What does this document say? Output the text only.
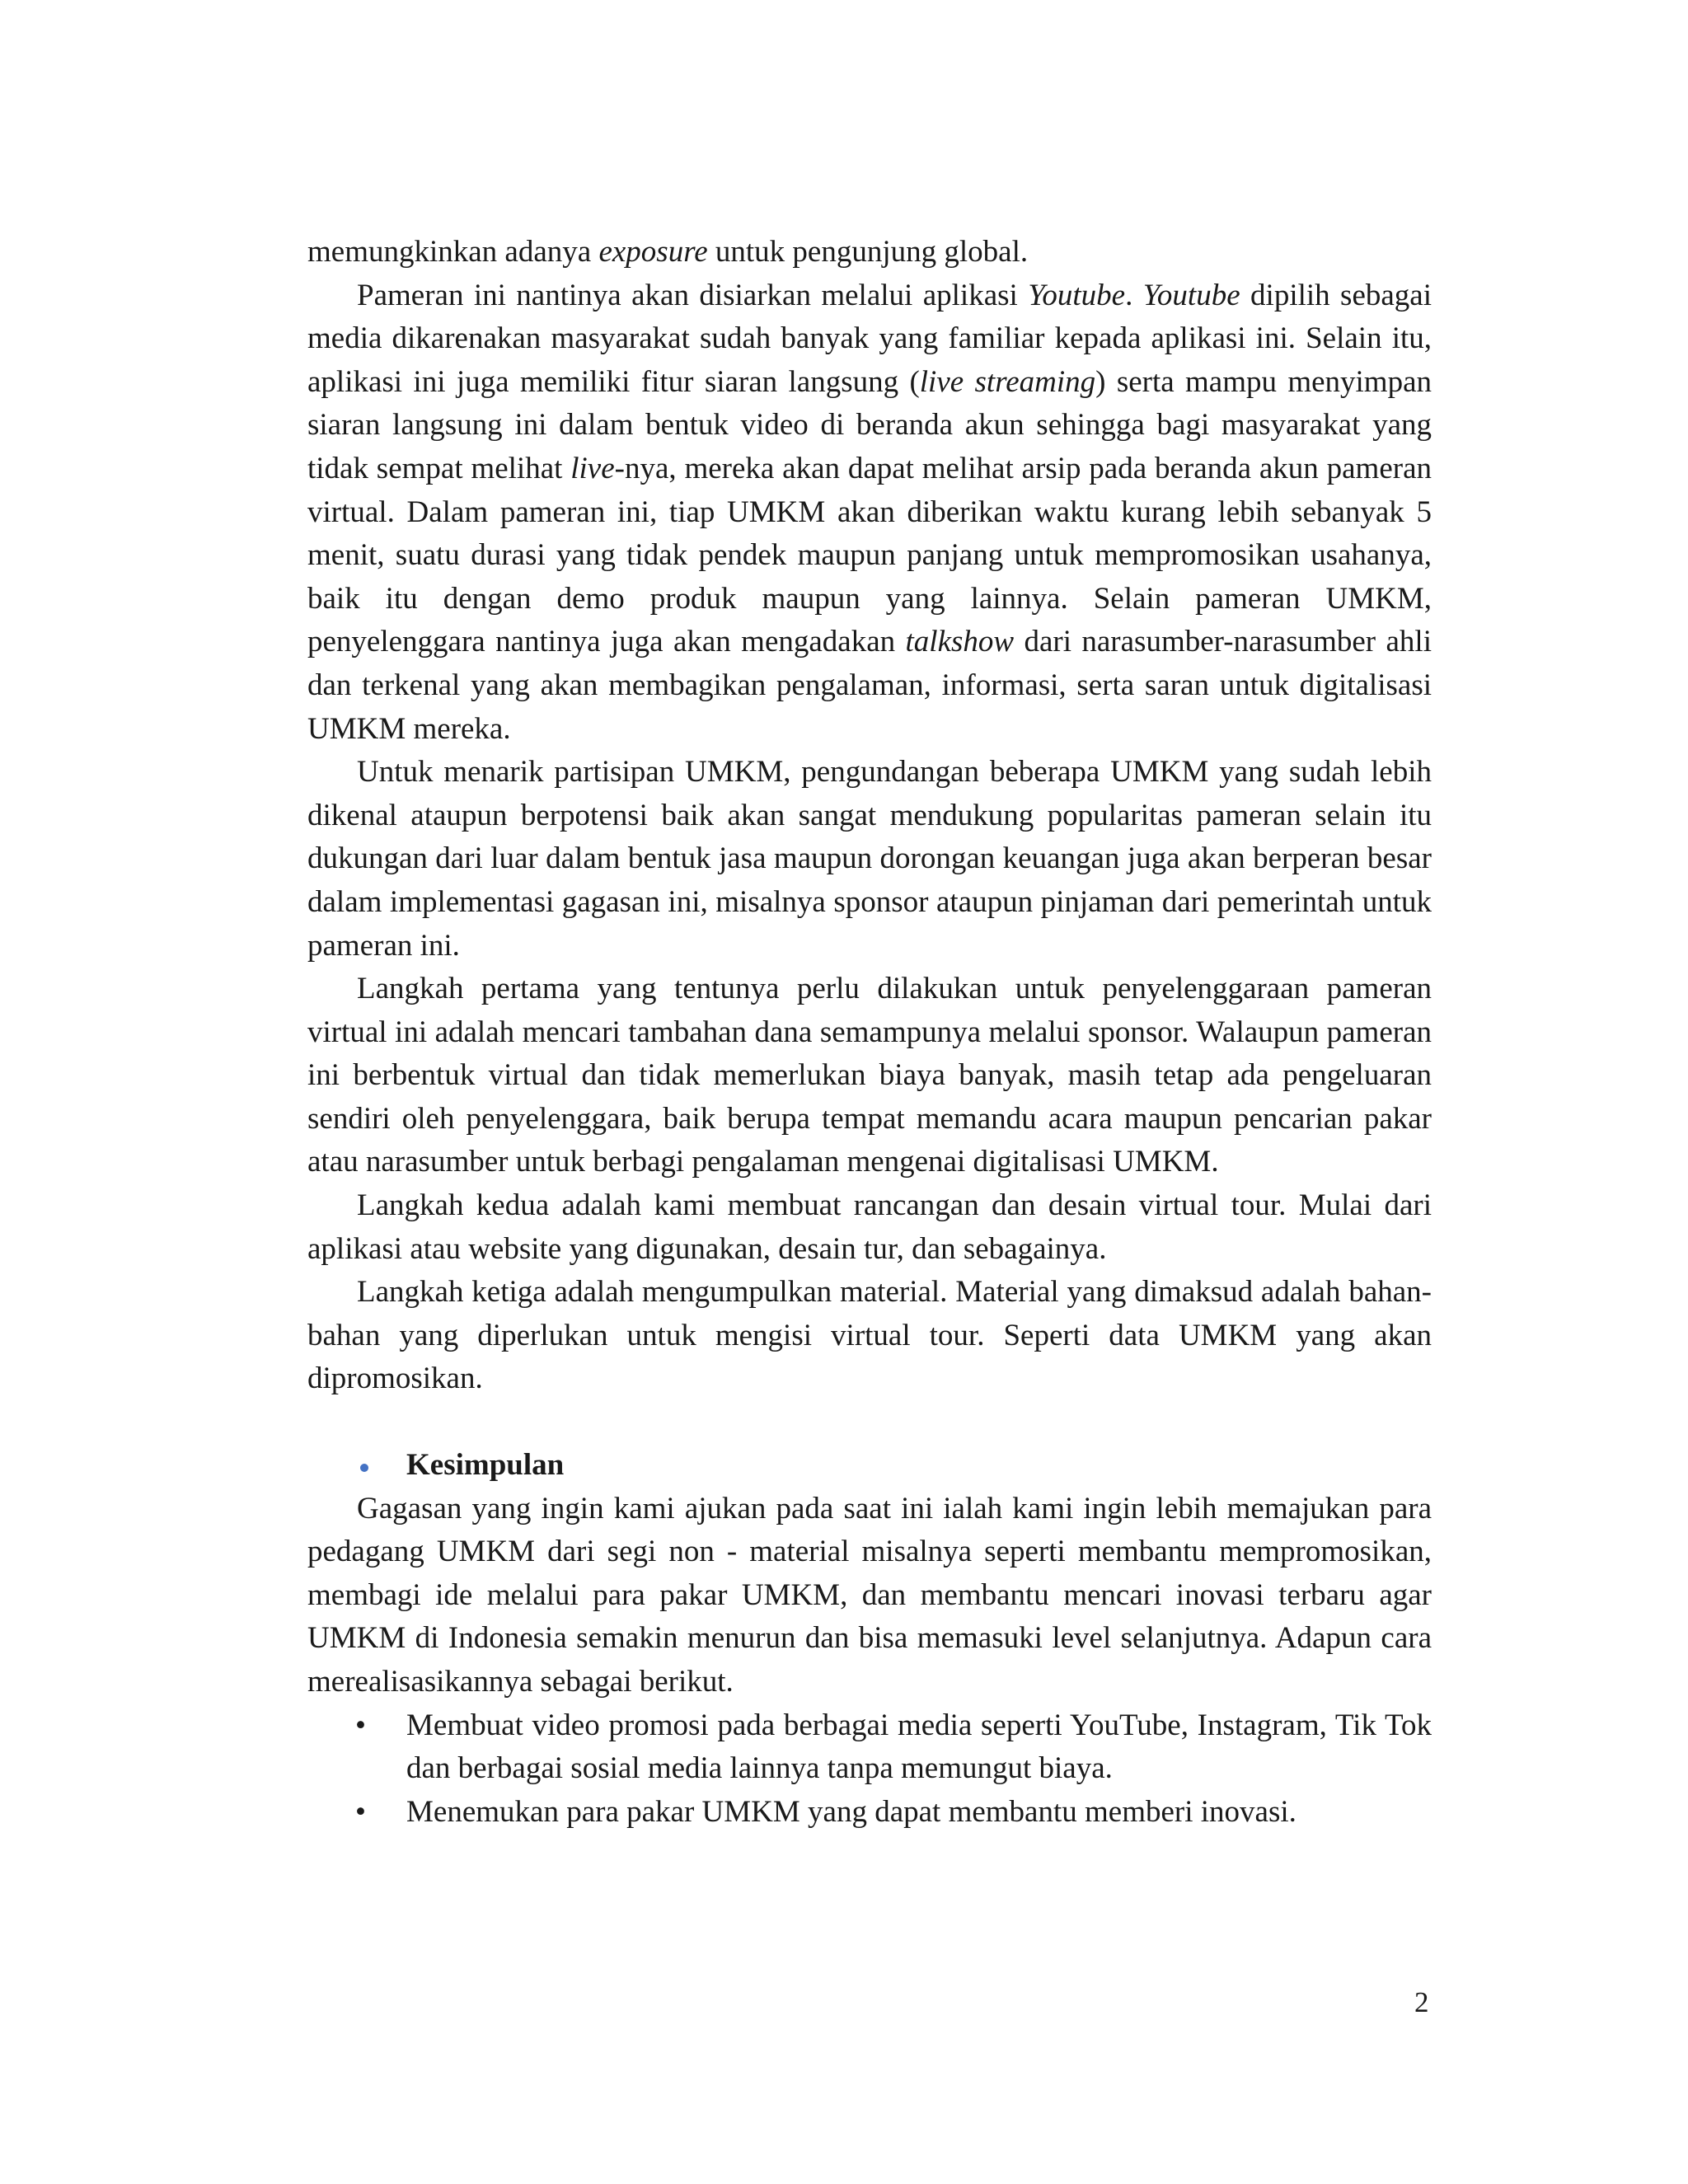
memungkinkan adanya exposure untuk pengunjung global.

Pameran ini nantinya akan disiarkan melalui aplikasi Youtube. Youtube dipilih sebagai media dikarenakan masyarakat sudah banyak yang familiar kepada aplikasi ini. Selain itu, aplikasi ini juga memiliki fitur siaran langsung (live streaming) serta mampu menyimpan siaran langsung ini dalam bentuk video di beranda akun sehingga bagi masyarakat yang tidak sempat melihat live-nya, mereka akan dapat melihat arsip pada beranda akun pameran virtual. Dalam pameran ini, tiap UMKM akan diberikan waktu kurang lebih sebanyak 5 menit, suatu durasi yang tidak pendek maupun panjang untuk mempromosikan usahanya, baik itu dengan demo produk maupun yang lainnya. Selain pameran UMKM, penyelenggara nantinya juga akan mengadakan talkshow dari narasumber-narasumber ahli dan terkenal yang akan membagikan pengalaman, informasi, serta saran untuk digitalisasi UMKM mereka.

Untuk menarik partisipan UMKM, pengundangan beberapa UMKM yang sudah lebih dikenal ataupun berpotensi baik akan sangat mendukung popularitas pameran selain itu dukungan dari luar dalam bentuk jasa maupun dorongan keuangan juga akan berperan besar dalam implementasi gagasan ini, misalnya sponsor ataupun pinjaman dari pemerintah untuk pameran ini.

Langkah pertama yang tentunya perlu dilakukan untuk penyelenggaraan pameran virtual ini adalah mencari tambahan dana semampunya melalui sponsor. Walaupun pameran ini berbentuk virtual dan tidak memerlukan biaya banyak, masih tetap ada pengeluaran sendiri oleh penyelenggara, baik berupa tempat memandu acara maupun pencarian pakar atau narasumber untuk berbagi pengalaman mengenai digitalisasi UMKM.

Langkah kedua adalah kami membuat rancangan dan desain virtual tour. Mulai dari aplikasi atau website yang digunakan, desain tur, dan sebagainya.

Langkah ketiga adalah mengumpulkan material. Material yang dimaksud adalah bahan-bahan yang diperlukan untuk mengisi virtual tour. Seperti data UMKM yang akan dipromosikan.

Kesimpulan

Gagasan yang ingin kami ajukan pada saat ini ialah kami ingin lebih memajukan para pedagang UMKM dari segi non - material misalnya seperti membantu mempromosikan, membagi ide melalui para pakar UMKM, dan membantu mencari inovasi terbaru agar UMKM di Indonesia semakin menurun dan bisa memasuki level selanjutnya. Adapun cara merealisasikannya sebagai berikut.

• Membuat video promosi pada berbagai media seperti YouTube, Instagram, Tik Tok dan berbagai sosial media lainnya tanpa memungut biaya.
• Menemukan para pakar UMKM yang dapat membantu memberi inovasi.
2
